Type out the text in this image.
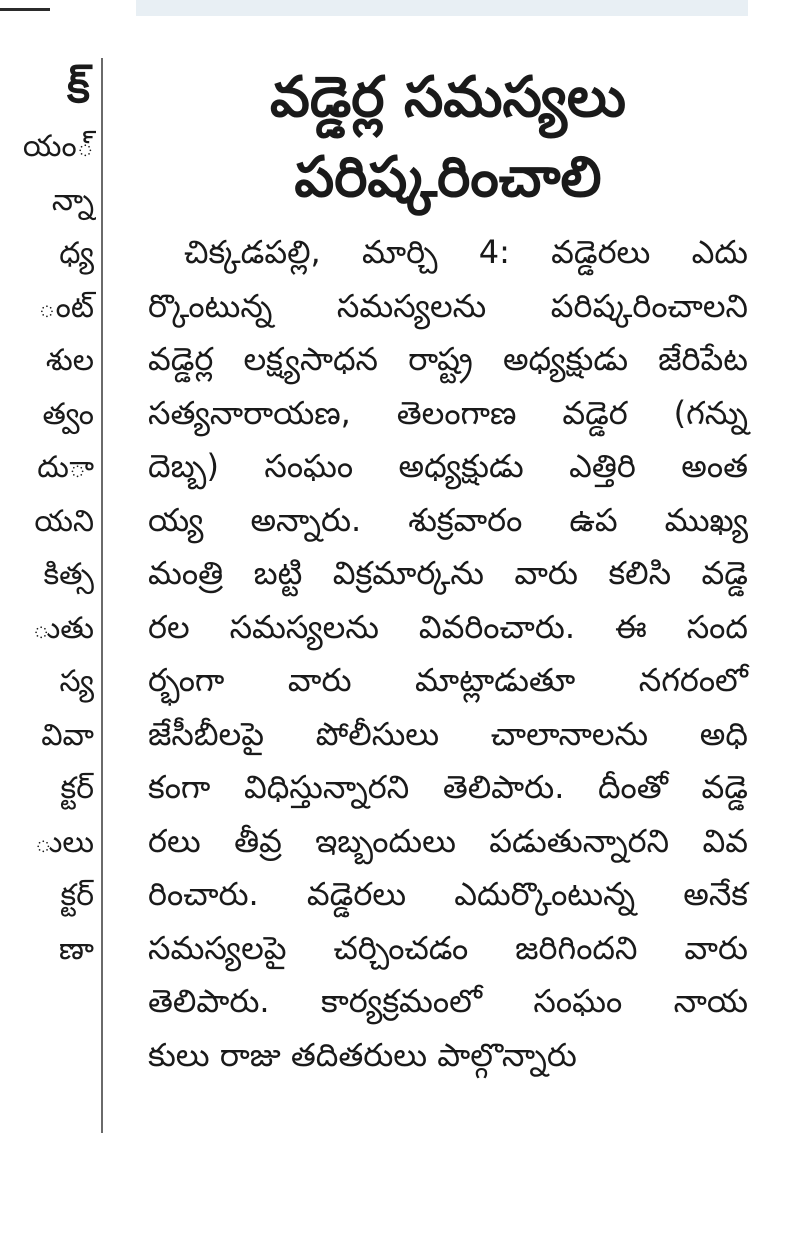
క్
్యం
న్నా
ధ్య
ంట్
శుల
త్వం
ాదు
యని
కిత్స
ుతు
స్య
వివా
క్టర్
ులు
క్టర్
ణా
వడ్డెర్ల సమస్యలు
పరిష్కరించాలి
చిక్కడపల్లి, మార్చి 4: వడ్డెరలు ఎదు
ర్కొంటున్న సమస్యలను పరిష్కరించాలని
వడ్డెర్ల లక్ష్యసాధన రాష్ట్ర అధ్యక్షుడు జేరిపేట
సత్యనారాయణ, తెలంగాణ వడ్డెర (గన్ను
దెబ్బ) సంఘం అధ్యక్షుడు ఎత్తిరి అంత
య్య అన్నారు. శుక్రవారం ఉప ముఖ్య
మంత్రి బట్టి విక్రమార్కను వారు కలిసి వడ్డె
రల సమస్యలను వివరించారు. ఈ సంద
ర్భంగా వారు మాట్లాడుతూ నగరంలో
జేసీబీలపై పోలీసులు చాలానాలను అధి
కంగా విధిస్తున్నారని తెలిపారు. దీంతో వడ్డె
రలు తీవ్ర ఇబ్బందులు పడుతున్నారని వివ
రించారు. వడ్డెరలు ఎదుర్కొంటున్న అనేక
సమస్యలపై చర్చించడం జరిగిందని వారు
తెలిపారు. కార్యక్రమంలో సంఘం నాయ
కులు రాజు తదితరులు పాల్గొన్నారు
